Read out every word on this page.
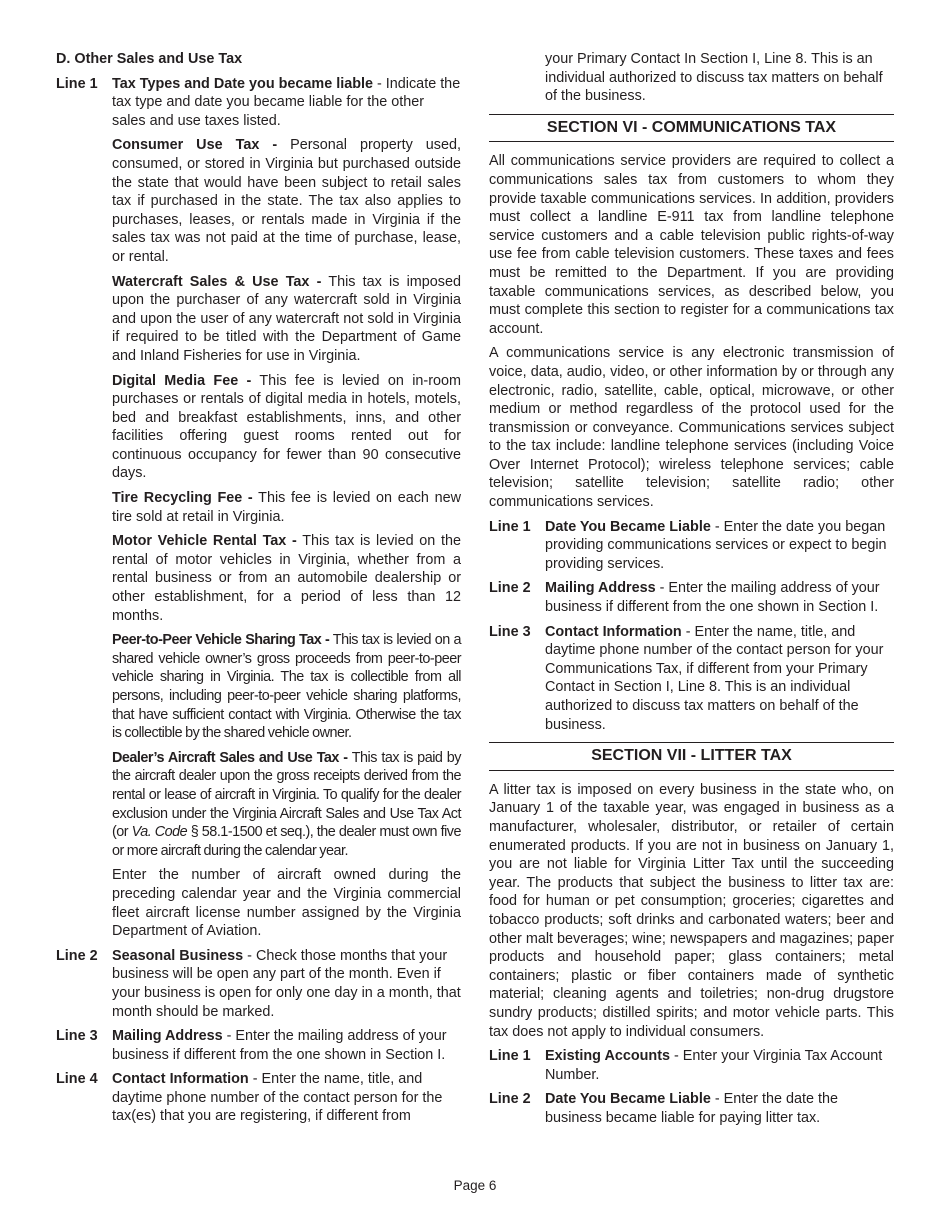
D. Other Sales and Use Tax
Line 1	Tax Types and Date you became liable - Indicate the tax type and date you became liable for the other sales and use taxes listed.
Consumer Use Tax - Personal property used, consumed, or stored in Virginia but purchased outside the state that would have been subject to retail sales tax if purchased in the state. The tax also applies to purchases, leases, or rentals made in Virginia if the sales tax was not paid at the time of purchase, lease, or rental.
Watercraft Sales & Use Tax - This tax is imposed upon the purchaser of any watercraft sold in Virginia and upon the user of any watercraft not sold in Virginia if required to be titled with the Department of Game and Inland Fisheries for use in Virginia.
Digital Media Fee - This fee is levied on in-room purchases or rentals of digital media in hotels, motels, bed and breakfast establishments, inns, and other facilities offering guest rooms rented out for continuous occupancy for fewer than 90 consecutive days.
Tire Recycling Fee - This fee is levied on each new tire sold at retail in Virginia.
Motor Vehicle Rental Tax - This tax is levied on the rental of motor vehicles in Virginia, whether from a rental business or from an automobile dealership or other establishment, for a period of less than 12 months.
Peer-to-Peer Vehicle Sharing Tax - This tax is levied on a shared vehicle owner’s gross proceeds from peer-to-peer vehicle sharing in Virginia. The tax is collectible from all persons, including peer-to-peer vehicle sharing platforms, that have sufficient contact with Virginia. Otherwise the tax is collectible by the shared vehicle owner.
Dealer’s Aircraft Sales and Use Tax - This tax is paid by the aircraft dealer upon the gross receipts derived from the rental or lease of aircraft in Virginia. To qualify for the dealer exclusion under the Virginia Aircraft Sales and Use Tax Act (or Va. Code § 58.1-1500 et seq.), the dealer must own five or more aircraft during the calendar year.
Enter the number of aircraft owned during the preceding calendar year and the Virginia commercial fleet aircraft license number assigned by the Virginia Department of Aviation.
Line 2	Seasonal Business - Check those months that your business will be open any part of the month. Even if your business is open for only one day in a month, that month should be marked.
Line 3	Mailing Address - Enter the mailing address of your business if different from the one shown in Section I.
Line 4	Contact Information - Enter the name, title, and daytime phone number of the contact person for the tax(es) that you are registering, if different from
your Primary Contact In Section I, Line 8. This is an individual authorized to discuss tax matters on behalf of the business.
SECTION VI - COMMUNICATIONS TAX
All communications service providers are required to collect a communications sales tax from customers to whom they provide taxable communications services. In addition, providers must collect a landline E-911 tax from landline telephone service customers and a cable television public rights-of-way use fee from cable television customers. These taxes and fees must be remitted to the Department. If you are providing taxable communications services, as described below, you must complete this section to register for a communications tax account.
A communications service is any electronic transmission of voice, data, audio, video, or other information by or through any electronic, radio, satellite, cable, optical, microwave, or other medium or method regardless of the protocol used for the transmission or conveyance. Communications services subject to the tax include: landline telephone services (including Voice Over Internet Protocol); wireless telephone services; cable television; satellite television; satellite radio; other communications services.
Line 1	Date You Became Liable - Enter the date you began providing communications services or expect to begin providing services.
Line 2	Mailing Address - Enter the mailing address of your business if different from the one shown in Section I.
Line 3	Contact Information - Enter the name, title, and daytime phone number of the contact person for your Communications Tax, if different from your Primary Contact in Section I, Line 8. This is an individual authorized to discuss tax matters on behalf of the business.
SECTION VII - LITTER TAX
A litter tax is imposed on every business in the state who, on January 1 of the taxable year, was engaged in business as a manufacturer, wholesaler, distributor, or retailer of certain enumerated products. If you are not in business on January 1, you are not liable for Virginia Litter Tax until the succeeding year. The products that subject the business to litter tax are: food for human or pet consumption; groceries; cigarettes and tobacco products; soft drinks and carbonated waters; beer and other malt beverages; wine; newspapers and magazines; paper products and household paper; glass containers; metal containers; plastic or fiber containers made of synthetic material; cleaning agents and toiletries; non-drug drugstore sundry products; distilled spirits; and motor vehicle parts. This tax does not apply to individual consumers.
Line 1	Existing Accounts - Enter your Virginia Tax Account Number.
Line 2	Date You Became Liable - Enter the date the business became liable for paying litter tax.
Page 6
